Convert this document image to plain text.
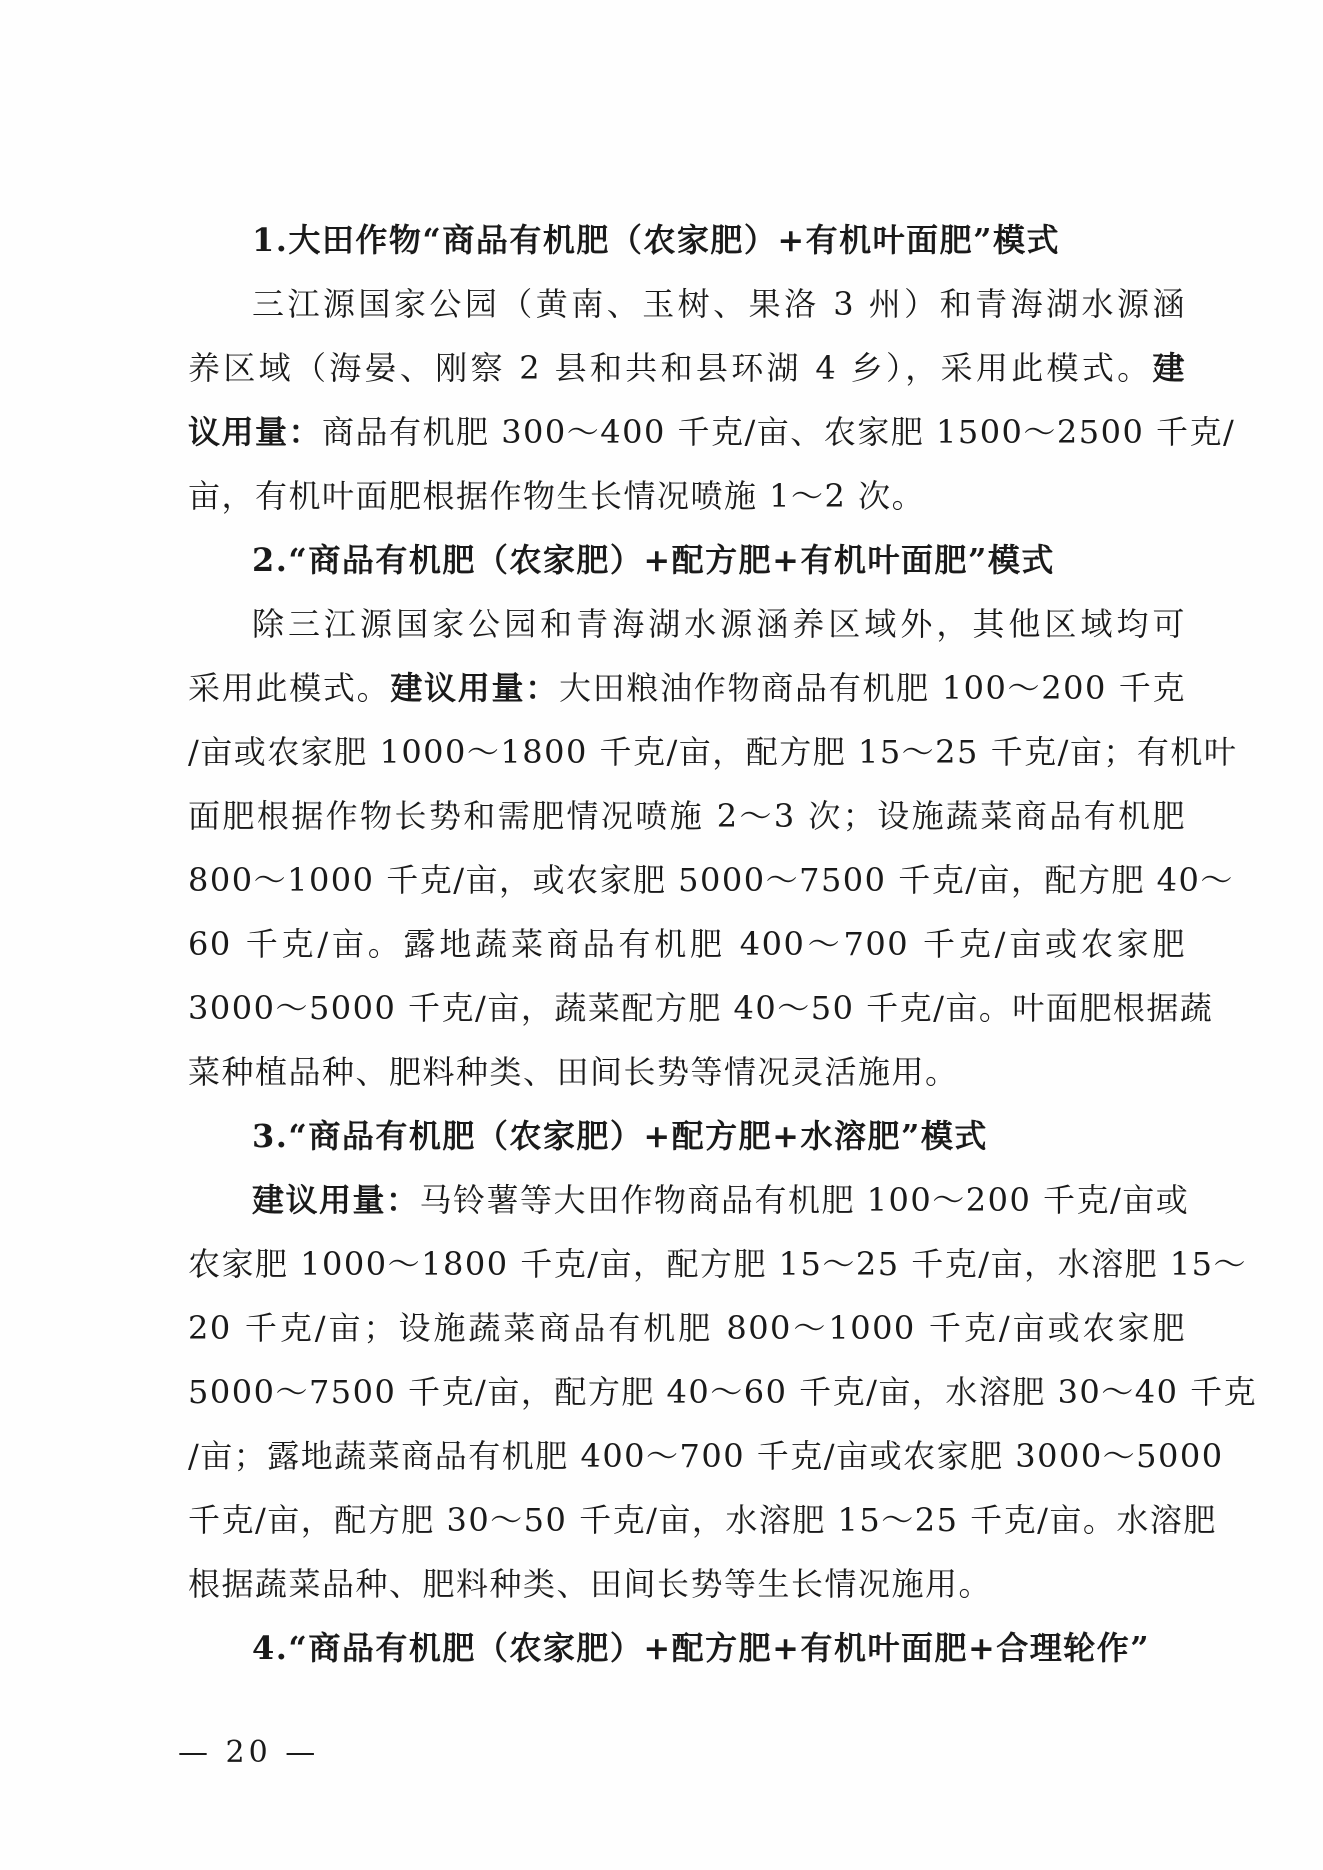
1.大田作物“商品有机肥（农家肥）+有机叶面肥”模式
三江源国家公园（黄南、玉树、果洛 3 州）和青海湖水源涵
养区域（海晏、刚察 2 县和共和县环湖 4 乡），采用此模式。建
议用量：商品有机肥 300～400 千克/亩、农家肥 1500～2500 千克/
亩，有机叶面肥根据作物生长情况喷施 1～2 次。
2.“商品有机肥（农家肥）+配方肥+有机叶面肥”模式
除三江源国家公园和青海湖水源涵养区域外，其他区域均可
采用此模式。建议用量：大田粮油作物商品有机肥 100～200 千克
/亩或农家肥 1000～1800 千克/亩，配方肥 15～25 千克/亩；有机叶
面肥根据作物长势和需肥情况喷施 2～3 次；设施蔬菜商品有机肥
800～1000 千克/亩，或农家肥 5000～7500 千克/亩，配方肥 40～
60 千克/亩。露地蔬菜商品有机肥 400～700 千克/亩或农家肥
3000～5000 千克/亩，蔬菜配方肥 40～50 千克/亩。叶面肥根据蔬
菜种植品种、肥料种类、田间长势等情况灵活施用。
3.“商品有机肥（农家肥）+配方肥+水溶肥”模式
建议用量：马铃薯等大田作物商品有机肥 100～200 千克/亩或
农家肥 1000～1800 千克/亩，配方肥 15～25 千克/亩，水溶肥 15～
20 千克/亩；设施蔬菜商品有机肥 800～1000 千克/亩或农家肥
5000～7500 千克/亩，配方肥 40～60 千克/亩，水溶肥 30～40 千克
/亩；露地蔬菜商品有机肥 400～700 千克/亩或农家肥 3000～5000
千克/亩，配方肥 30～50 千克/亩，水溶肥 15～25 千克/亩。水溶肥
根据蔬菜品种、肥料种类、田间长势等生长情况施用。
4.“商品有机肥（农家肥）+配方肥+有机叶面肥+合理轮作”
— 20 —
